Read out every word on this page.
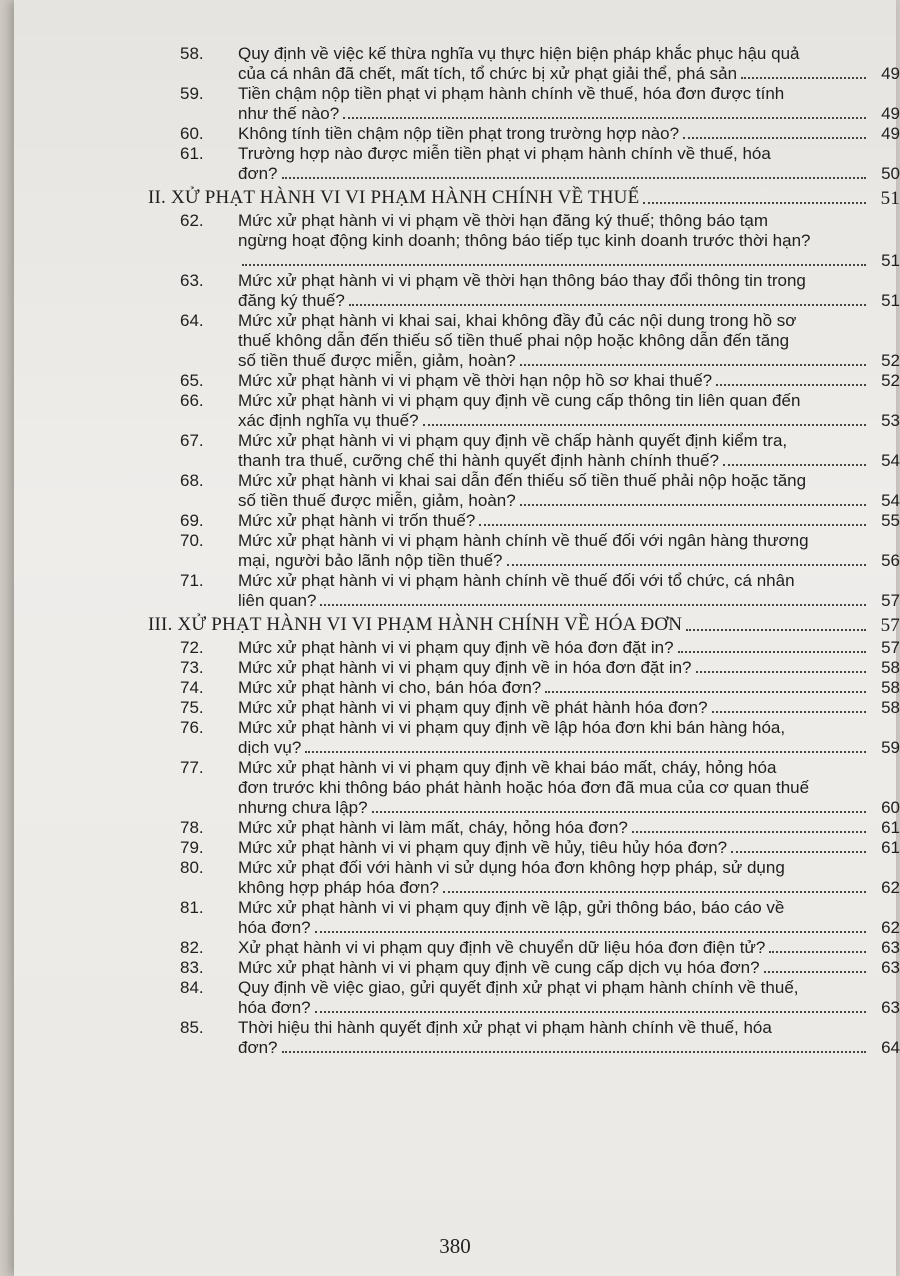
58.	Quy định về việc kế thừa nghĩa vụ thực hiện biện pháp khắc phục hậu quả
của cá nhân đã chết, mất tích, tổ chức bị xử phạt giải thể, phá sản	49
59.	Tiền chậm nộp tiền phạt vi phạm hành chính về thuế, hóa đơn được tính
như thế nào?	49
60.	Không tính tiền chậm nộp tiền phạt trong trường hợp nào?	49
61.	Trường hợp nào được miễn tiền phạt vi phạm hành chính về thuế, hóa
đơn?	50
II. XỬ PHẠT HÀNH VI VI PHẠM HÀNH CHÍNH VỀ THUẾ	51
62.	Mức xử phạt hành vi vi phạm về thời hạn đăng ký thuế; thông báo tạm
ngừng hoạt động kinh doanh; thông báo tiếp tục kinh doanh trước thời hạn?
51
63.	Mức xử phạt hành vi vi phạm về thời hạn thông báo thay đổi thông tin trong
đăng ký thuế?	51
64.	Mức xử phạt hành vi khai sai, khai không đầy đủ các nội dung trong hồ sơ
thuế không dẫn đến thiếu số tiền thuế phai nộp hoặc không dẫn đến tăng
số tiền thuế được miễn, giảm, hoàn?	52
65.	Mức xử phạt hành vi vi phạm về thời hạn nộp hồ sơ khai thuế?	52
66.	Mức xử phạt hành vi vi phạm quy định về cung cấp thông tin liên quan đến
xác định nghĩa vụ thuế?	53
67.	Mức xử phạt hành vi vi phạm quy định về chấp hành quyết định kiểm tra,
thanh tra thuế, cưỡng chế thi hành quyết định hành chính thuế?	54
68.	Mức xử phạt hành vi khai sai dẫn đến thiếu số tiền thuế phải nộp hoặc tăng
số tiền thuế được miễn, giảm, hoàn?	54
69.	Mức xử phạt hành vi trốn thuế?	55
70.	Mức xử phạt hành vi vi phạm hành chính về thuế đối với ngân hàng thương
mại, người bảo lãnh nộp tiền thuế?	56
71.	Mức xử phạt hành vi vi phạm hành chính về thuế đối với tổ chức, cá nhân
liên quan?	57
III. XỬ PHẠT HÀNH VI VI PHẠM HÀNH CHÍNH VỀ HÓA ĐƠN	57
72.	Mức xử phạt hành vi vi phạm quy định về hóa đơn đặt in?	57
73.	Mức xử phạt hành vi vi phạm quy định về in hóa đơn đặt in?	58
74.	Mức xử phạt hành vi cho, bán hóa đơn?	58
75.	Mức xử phạt hành vi vi phạm quy định về phát hành hóa đơn?	58
76.	Mức xử phạt hành vi vi phạm quy định về lập hóa đơn khi bán hàng hóa,
dịch vụ?	59
77.	Mức xử phạt hành vi vi phạm quy định về khai báo mất, cháy, hỏng hóa
đơn trước khi thông báo phát hành hoặc hóa đơn đã mua của cơ quan thuế
nhưng chưa lập?	60
78.	Mức xử phạt hành vi làm mất, cháy, hỏng hóa đơn?	61
79.	Mức xử phạt hành vi vi phạm quy định về hủy, tiêu hủy hóa đơn?	61
80.	Mức xử phạt đối với hành vi sử dụng hóa đơn không hợp pháp, sử dụng
không hợp pháp hóa đơn?	62
81.	Mức xử phạt hành vi vi phạm quy định về lập, gửi thông báo, báo cáo về
hóa đơn?	62
82.	Xử phạt hành vi vi phạm quy định về chuyển dữ liệu hóa đơn điện tử?	63
83.	Mức xử phạt hành vi vi phạm quy định về cung cấp dịch vụ hóa đơn?	63
84.	Quy định về việc giao, gửi quyết định xử phạt vi phạm hành chính về thuế,
hóa đơn?	63
85.	Thời hiệu thi hành quyết định xử phạt vi phạm hành chính về thuế, hóa
đơn?	64
380
